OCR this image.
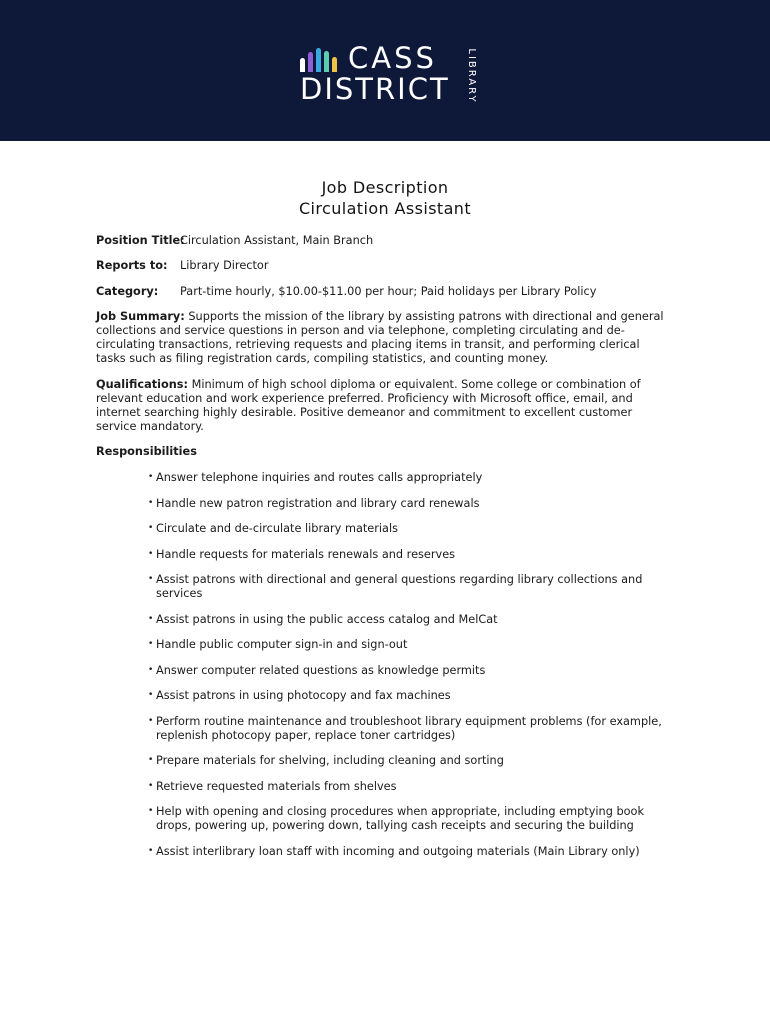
CASS
DISTRICT LIBRARY
Job Description
Circulation Assistant
Position Title:
Circulation Assistant, Main Branch
Reports to: Library Director
Category: Part-time hourly, $10.00-$11.00 per hour; Paid holidays per Library Policy
Job Summary: Supports the mission of the library by assisting patrons with directional and general collections and service questions in person and via telephone, completing circulating and de-circulating transactions, retrieving requests and placing items in transit, and performing clerical tasks such as filing registration cards, compiling statistics, and counting money.
Qualifications: Minimum of high school diploma or equivalent. Some college or combination of relevant education and work experience preferred. Proficiency with Microsoft office, email, and internet searching highly desirable. Positive demeanor and commitment to excellent customer service mandatory.
Responsibilities
• Answer telephone inquiries and routes calls appropriately
• Handle new patron registration and library card renewals
• Circulate and de-circulate library materials
• Handle requests for materials renewals and reserves
• Assist patrons with directional and general questions regarding library collections and services
• Assist patrons in using the public access catalog and MelCat
• Handle public computer sign-in and sign-out
• Answer computer related questions as knowledge permits
• Assist patrons in using photocopy and fax machines
• Perform routine maintenance and troubleshoot library equipment problems (for example, replenish photocopy paper, replace toner cartridges)
• Prepare materials for shelving, including cleaning and sorting
• Retrieve requested materials from shelves
• Help with opening and closing procedures when appropriate, including emptying book drops, powering up, powering down, tallying cash receipts and securing the building
• Assist interlibrary loan staff with incoming and outgoing materials (Main Library only)
